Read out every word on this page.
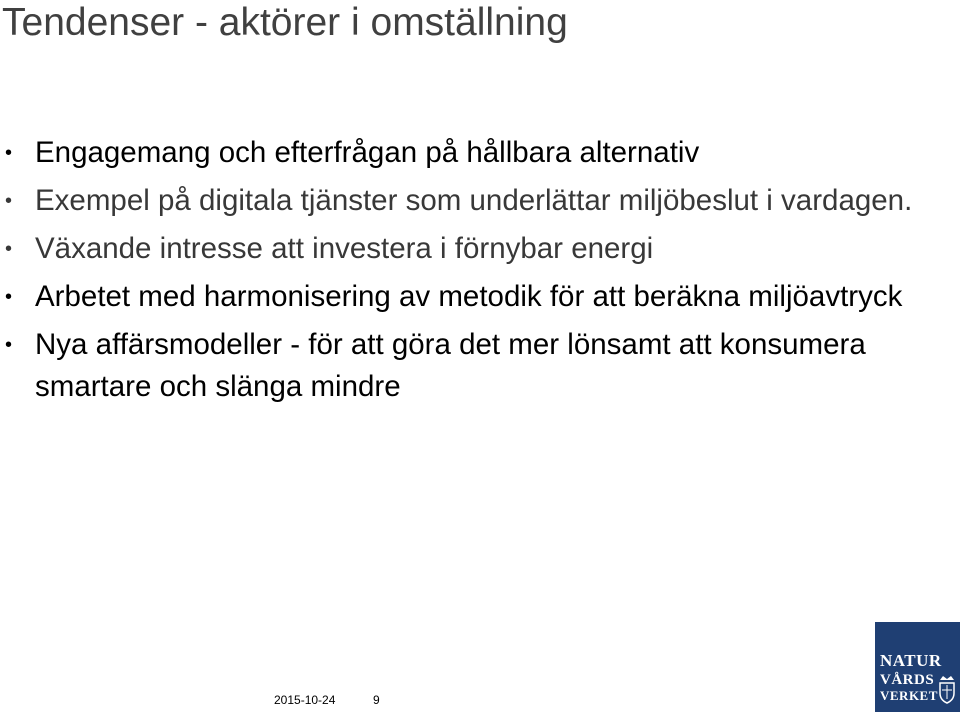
Tendenser - aktörer i omställning
• Engagemang och efterfrågan på hållbara alternativ
• Exempel på digitala tjänster som underlättar miljöbeslut i vardagen.
• Växande intresse att investera i förnybar energi
• Arbetet med harmonisering av metodik för att beräkna miljöavtryck
• Nya affärsmodeller - för att göra det mer lönsamt att konsumera smartare och slänga mindre
2015-10-24	9
NATUR
VÅRDS
VERKET
